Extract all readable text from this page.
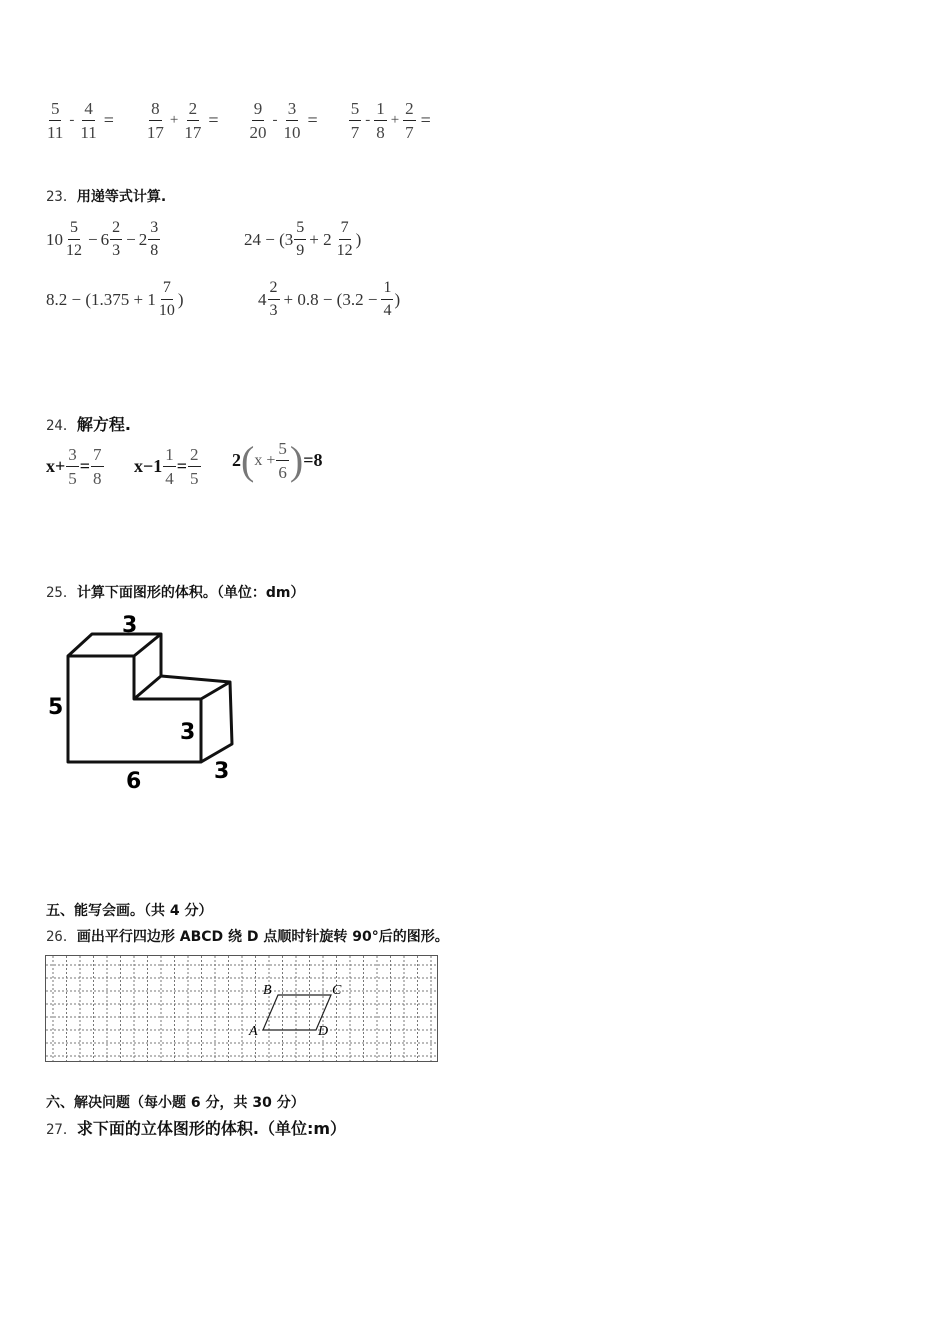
$\frac{5}{11} - \frac{4}{11} = \frac{8}{17} + \frac{2}{17} = \frac{9}{20} - \frac{3}{10} = \frac{5}{7} - \frac{1}{8} + \frac{2}{7}$ =
23．用递等式计算.
$10 \frac{5}{12} - 6 \frac{2}{3} - 2 \frac{3}{8}$	$24 - (3 \frac{5}{9} + 2 \frac{7}{12}$ )
$8.2 - (1.375 + 1 \frac{7}{10}$ )	$4 \frac{2}{3} + 0.8 - (3.2 - \frac{1}{4}$ )
24．解方程.
$x+ \frac{3}{5} = \frac{7}{8} x-1 \frac{1}{4} = \frac{2}{5} 2$ ( $x + \frac{5}{6}$ ) =8
25．计算下面图形的体积。（单位：dm）
3
5
3
6	3
五、能写会画。（共 4 分）
26．画出平行四边形 ABCD 绕 D 点顺时针旋转 90°后的图形。
B	C
A	D
六、解决问题（每小题 6 分，共 30 分）
27．求下面的立体图形的体积.（单位:m）
